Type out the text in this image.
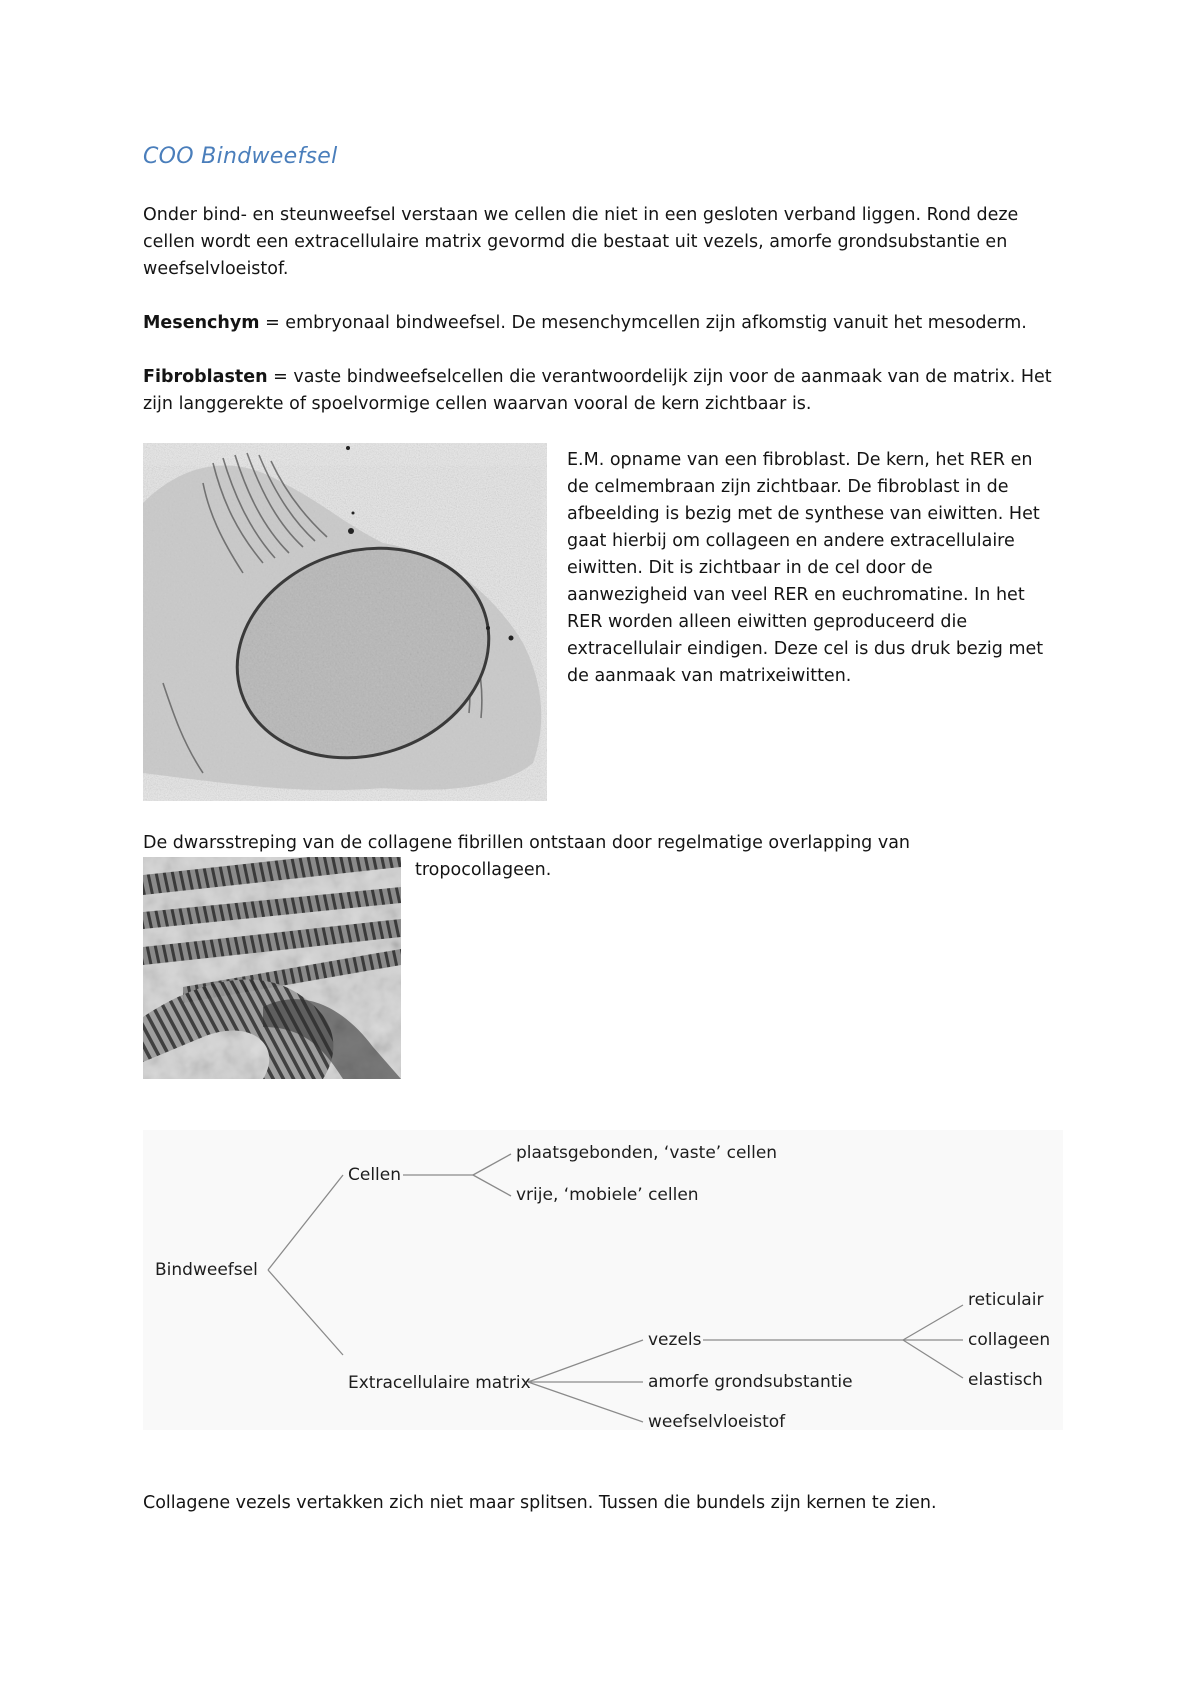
COO Bindweefsel
Onder bind- en steunweefsel verstaan we cellen die niet in een gesloten verband liggen. Rond deze cellen wordt een extracellulaire matrix gevormd die bestaat uit vezels, amorfe grondsubstantie en weefselvloeistof.
Mesenchym = embryonaal bindweefsel. De mesenchymcellen zijn afkomstig vanuit het mesoderm.
Fibroblasten = vaste bindweefselcellen die verantwoordelijk zijn voor de aanmaak van de matrix. Het zijn langgerekte of spoelvormige cellen waarvan vooral de kern zichtbaar is.
E.M. opname van een fibroblast. De kern, het RER en de celmembraan zijn zichtbaar. De fibroblast in de afbeelding is bezig met de synthese van eiwitten. Het gaat hierbij om collageen en andere extracellulaire eiwitten. Dit is zichtbaar in de cel door de aanwezigheid van veel RER en euchromatine. In het RER worden alleen eiwitten geproduceerd die extracellulair eindigen. Deze cel is dus druk bezig met de aanmaak van matrixeiwitten.
De dwarsstreping van de collagene fibrillen ontstaan door regelmatige overlapping van
tropocollageen.
Bindweefsel
Cellen
plaatsgebonden, ‘vaste’ cellen
vrije, ‘mobiele’ cellen
Extracellulaire matrix
vezels
amorfe grondsubstantie
weefselvloeistof
reticulair
collageen
elastisch
Collagene vezels vertakken zich niet maar splitsen. Tussen die bundels zijn kernen te zien.
